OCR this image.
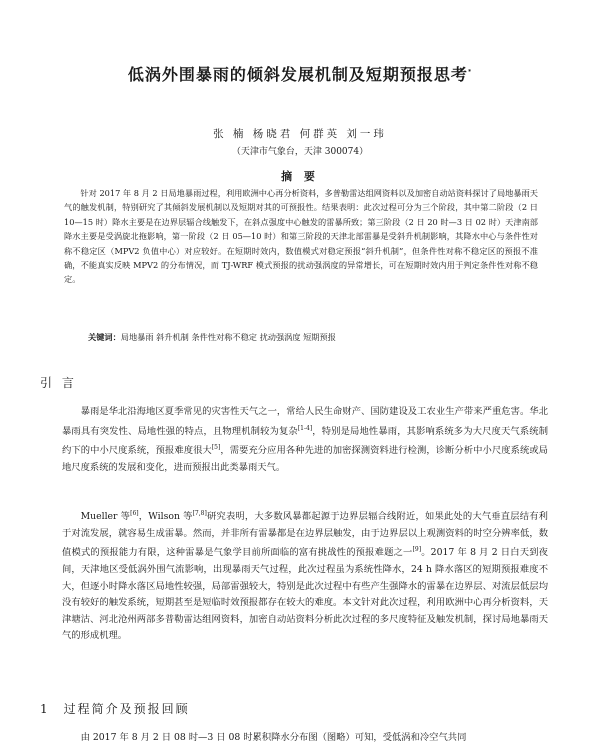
低涡外围暴雨的倾斜发展机制及短期预报思考*
张 楠 杨晓君 何群英 刘一玮
（天津市气象台，天津 300074）
摘 要
针对 2017 年 8 月 2 日局地暴雨过程，利用欧洲中心再分析资料，多普勒雷达组网资料以及加密自动站资料探讨了局地暴雨天气的触发机制，特别研究了其倾斜发展机制以及短期对其的可预报性。结果表明：此次过程可分为三个阶段，其中第二阶段（2 日 10—15 时）降水主要是在边界层辐合线触发下，在斜点强度中心触发的雷暴所致；第三阶段（2 日 20 时—3 日 02 时）天津南部降水主要是受涡旋北拖影响，第一阶段（2 日 05—10 时）和第三阶段的天津北部雷暴是受斜升机制影响，其降水中心与条件性对称不稳定区（MPV2 负值中心）对应较好。在短期时效内，数值模式对稳定预报“斜升机制”，但条件性对称不稳定区的预报不准确，不能真实反映 MPV2 的分布情况，而 TJ-WRF 模式预报的扰动强涡度的异常增长，可在短期时效内用于判定条件性对称不稳定。
关键词：局地暴雨 斜升机制 条件性对称不稳定 扰动强涡度 短期预报
引 言
暴雨是华北沿海地区夏季常见的灾害性天气之一，常给人民生命财产、国防建设及工农业生产带来严重危害。华北暴雨具有突发性、局地性强的特点，且物理机制较为复杂[1-4]，特别是局地性暴雨，其影响系统多为大尺度天气系统制约下的中小尺度系统，预报难度很大[5]，需要充分应用各种先进的加密探测资料进行检测，诊断分析中小尺度系统或局地尺度系统的发展和变化，进而预报出此类暴雨天气。
Mueller 等[6]，Wilson 等[7,8]研究表明，大多数风暴都起源于边界层辐合线附近，如果此处的大气垂直层结有利于对流发展，就容易生成雷暴。然而，并非所有雷暴都是在边界层触发，由于边界层以上观测资料的时空分辨率低，数值模式的预报能力有限，这种雷暴是气象学目前所面临的富有挑战性的预报难题之一[9]。2017 年 8 月 2 日白天到夜间，天津地区受低涡外围气流影响，出现暴雨天气过程，此次过程虽为系统性降水，24 h 降水落区的短期预报难度不大，但逐小时降水落区局地性较强，局部雷强较大，特别是此次过程中有些产生强降水的雷暴在边界层、对流层低层均没有较好的触发系统，短期甚至是短临时效预报都存在较大的难度。本文针对此次过程，利用欧洲中心再分析资料，天津塘沽、河北沧州两部多普勒雷达组网资料，加密自动站资料分析此次过程的多尺度特征及触发机制，探讨局地暴雨天气的形成机理。
1 过程简介及预报回顾
由 2017 年 8 月 2 日 08 时—3 日 08 时累积降水分布图（图略）可知，受低涡和冷空气共同
